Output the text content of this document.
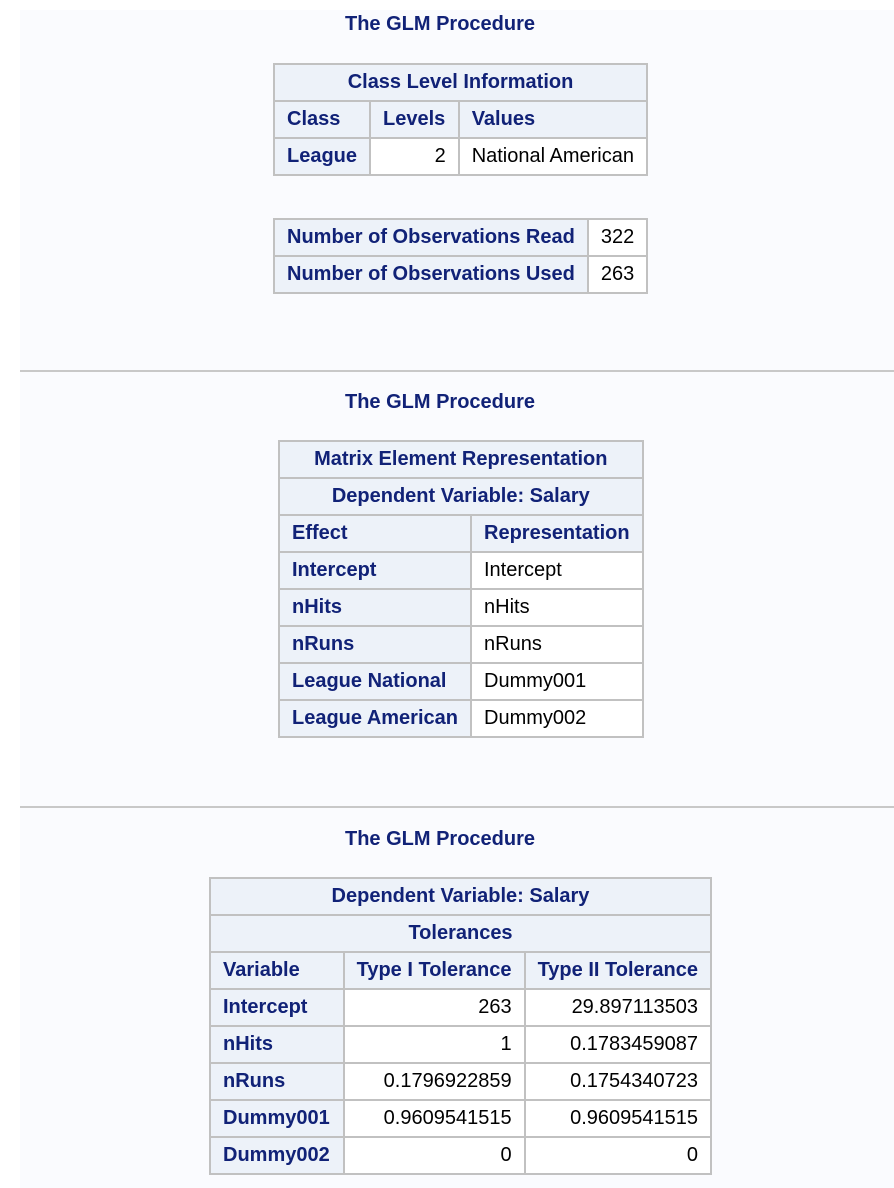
The GLM Procedure
Class Level Information		
Class	Levels	Values
League	2	National American
Number of Observations Read	322
Number of Observations Used	263
The GLM Procedure
Matrix Element Representation	
Dependent Variable: Salary	
Effect	Representation
Intercept	Intercept
nHits	nHits
nRuns	nRuns
League National	Dummy001
League American	Dummy002
The GLM Procedure
Dependent Variable: Salary		
Tolerances		
Variable	Type I Tolerance	Type II Tolerance
Intercept	263	29.897113503
nHits	1	0.1783459087
nRuns	0.1796922859	0.1754340723
Dummy001	0.9609541515	0.9609541515
Dummy002	0	0
